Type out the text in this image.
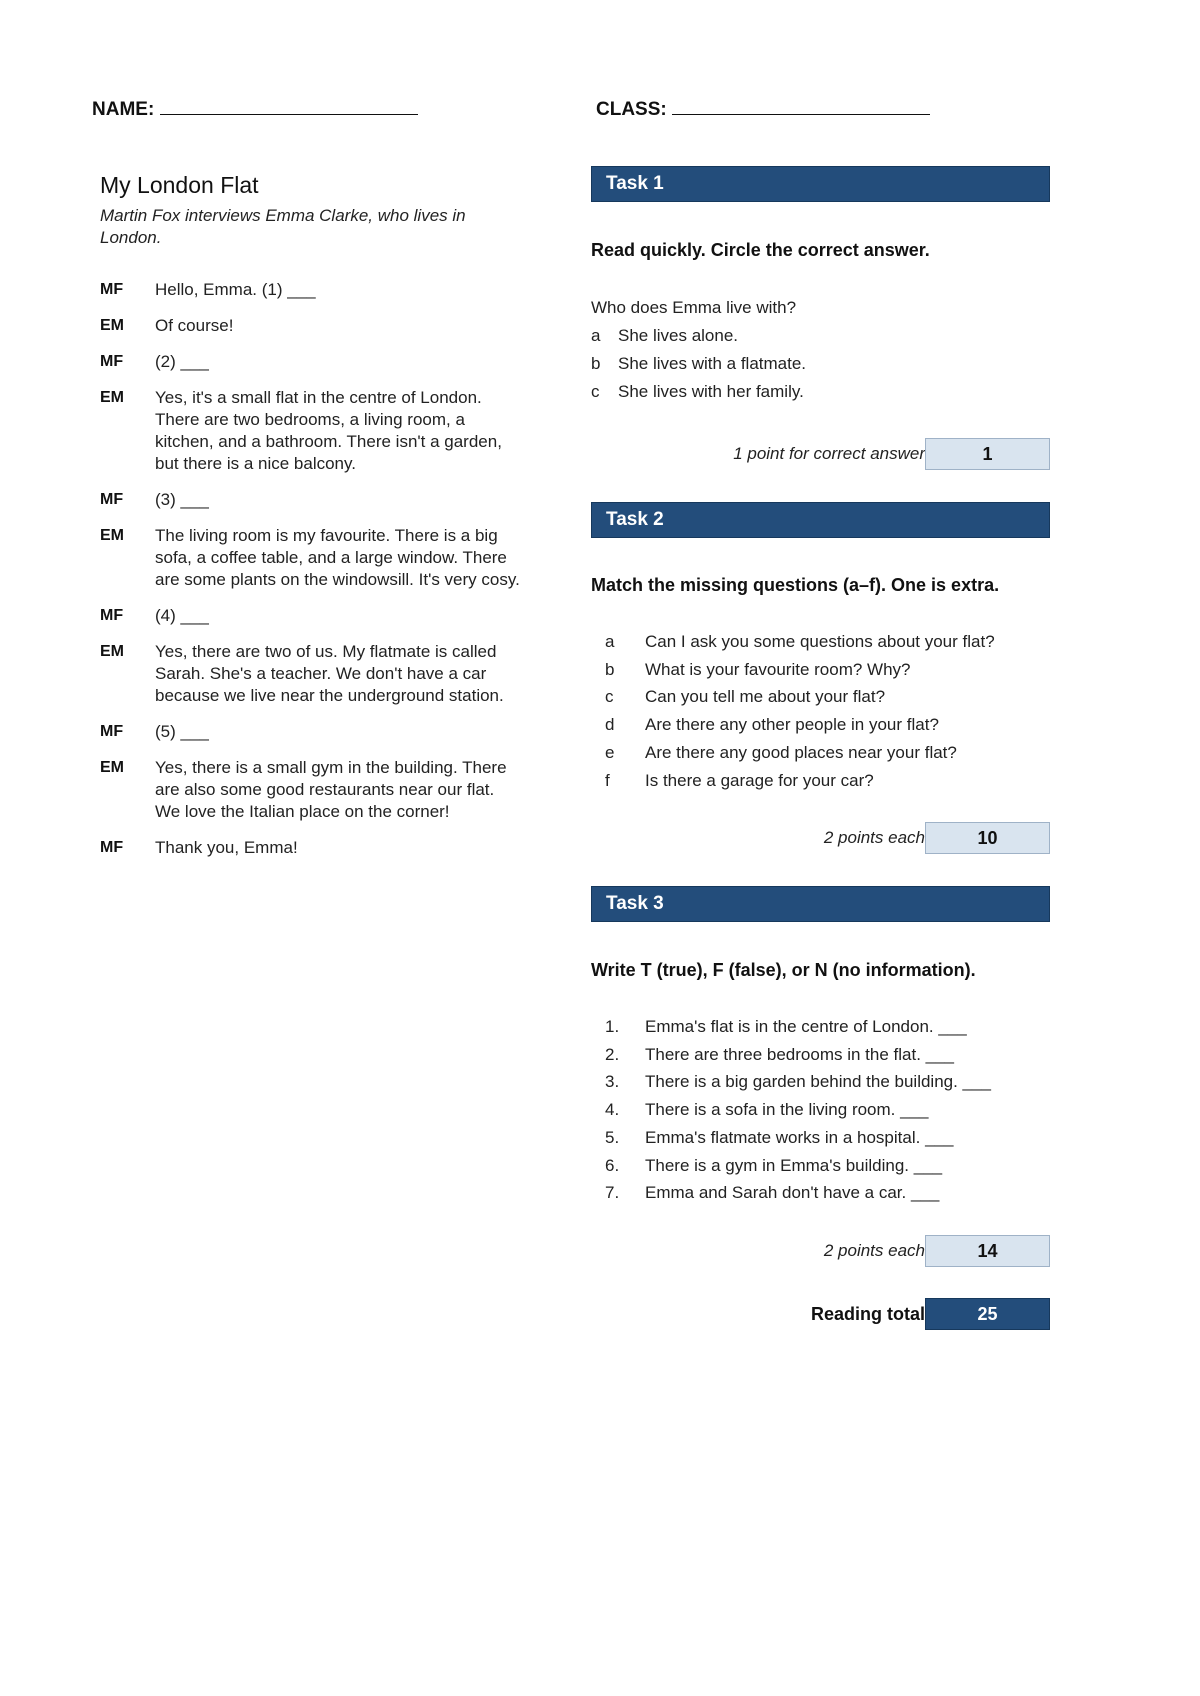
NAME:	CLASS:
My London Flat
Martin Fox interviews Emma Clarke, who lives in London.
MF	Hello, Emma. (1) ___
EM	Of course!
MF	(2) ___
EM	Yes, it's a small flat in the centre of London. There are two bedrooms, a living room, a kitchen, and a bathroom. There isn't a garden, but there is a nice balcony.
MF	(3) ___
EM	The living room is my favourite. There is a big sofa, a coffee table, and a large window. There are some plants on the windowsill. It's very cosy.
MF	(4) ___
EM	Yes, there are two of us. My flatmate is called Sarah. She's a teacher. We don't have a car because we live near the underground station.
MF	(5) ___
EM	Yes, there is a small gym in the building. There are also some good restaurants near our flat. We love the Italian place on the corner!
MF	Thank you, Emma!
Task 1
Read quickly. Circle the correct answer.
Who does Emma live with?
a She lives alone.
b She lives with a flatmate.
c She lives with her family.
1 point for correct answer	1
Task 2
Match the missing questions (a–f). One is extra.
a Can I ask you some questions about your flat?
b What is your favourite room? Why?
c Can you tell me about your flat?
d Are there any other people in your flat?
e Are there any good places near your flat?
f Is there a garage for your car?
2 points each	10
Task 3
Write T (true), F (false), or N (no information).
1. Emma's flat is in the centre of London. ___
2. There are three bedrooms in the flat. ___
3. There is a big garden behind the building. ___
4. There is a sofa in the living room. ___
5. Emma's flatmate works in a hospital. ___
6. There is a gym in Emma's building. ___
7. Emma and Sarah don't have a car. ___
2 points each	14
Reading total	25
